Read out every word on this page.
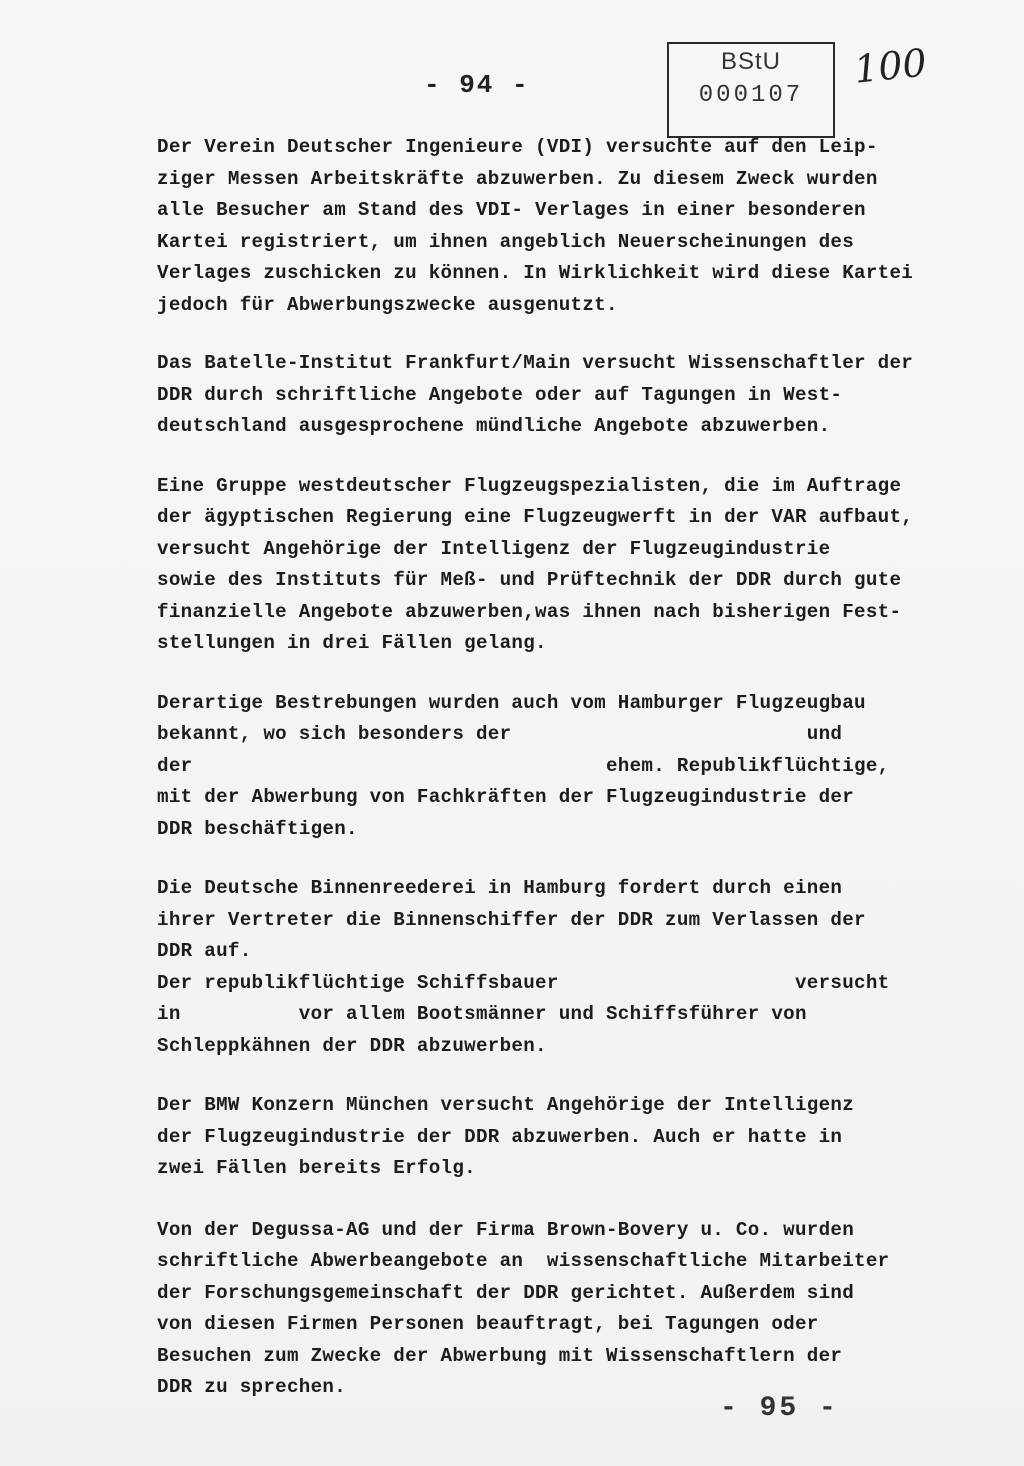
- 94 -
BStU
000107
100
Der Verein Deutscher Ingenieure (VDI) versuchte auf den Leip-
ziger Messen Arbeitskräfte abzuwerben. Zu diesem Zweck wurden
alle Besucher am Stand des VDI- Verlages in einer besonderen
Kartei registriert, um ihnen angeblich Neuerscheinungen des
Verlages zuschicken zu können. In Wirklichkeit wird diese Kartei
jedoch für Abwerbungszwecke ausgenutzt.
Das Batelle-Institut Frankfurt/Main versucht Wissenschaftler der
DDR durch schriftliche Angebote oder auf Tagungen in West-
deutschland ausgesprochene mündliche Angebote abzuwerben.
Eine Gruppe westdeutscher Flugzeugspezialisten, die im Auftrage
der ägyptischen Regierung eine Flugzeugwerft in der VAR aufbaut,
versucht Angehörige der Intelligenz der Flugzeugindustrie
sowie des Instituts für Meß- und Prüftechnik der DDR durch gute
finanzielle Angebote abzuwerben,was ihnen nach bisherigen Fest-
stellungen in drei Fällen gelang.
Derartige Bestrebungen wurden auch vom Hamburger Flugzeugbau
bekannt, wo sich besonders der                         und
der                                   ehem. Republikflüchtige,
mit der Abwerbung von Fachkräften der Flugzeugindustrie der
DDR beschäftigen.
Die Deutsche Binnenreederei in Hamburg fordert durch einen
ihrer Vertreter die Binnenschiffer der DDR zum Verlassen der
DDR auf.
Der republikflüchtige Schiffsbauer                    versucht
in          vor allem Bootsmänner und Schiffsführer von
Schleppkähnen der DDR abzuwerben.
Der BMW Konzern München versucht Angehörige der Intelligenz
der Flugzeugindustrie der DDR abzuwerben. Auch er hatte in
zwei Fällen bereits Erfolg.
Von der Degussa-AG und der Firma Brown-Bovery u. Co. wurden
schriftliche Abwerbeangebote an  wissenschaftliche Mitarbeiter
der Forschungsgemeinschaft der DDR gerichtet. Außerdem sind
von diesen Firmen Personen beauftragt, bei Tagungen oder
Besuchen zum Zwecke der Abwerbung mit Wissenschaftlern der
DDR zu sprechen.
- 95 -
